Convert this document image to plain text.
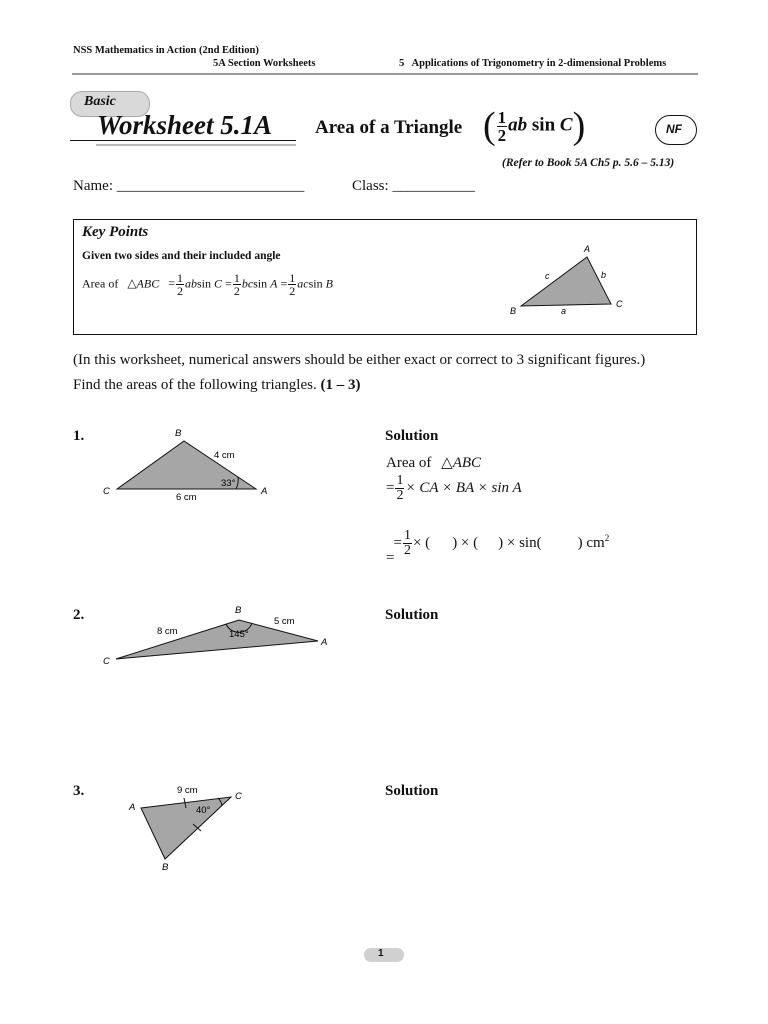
NSS Mathematics in Action (2nd Edition)
5A Section Worksheets	5   Applications of Trigonometry in 2-dimensional Problems
Basic
Worksheet 5.1A Area of a Triangle ( $\frac{1}{2}$ ab sin C)	NF
(Refer to Book 5A Ch5 p. 5.6 – 5.13)
Name: _________________________	Class: ___________
Key Points
Given two sides and their included angle
Area of △ABC = $\frac{1}{2}$ absin $C = \frac{1}{2}$ bcsin $A = \frac{1}{2}$ acsin B
A
B
C
a
b
c
(In this worksheet, numerical answers should be either exact or correct to 3 significant figures.)
Find the areas of the following triangles. (1 – 3)
1.	B
C	A
4 cm
6 cm
33°
Solution
Area of △ABC
= $\frac{1}{2}$ × CA × BA × sin A

= $\frac{1}{2}$ × ( ) × ( ) × sin( ) $cm^2$

=
2.	B
C
A
8 cm
5 cm
145°
Solution
3.
A
B
C
9 cm
40°
Solution
1
